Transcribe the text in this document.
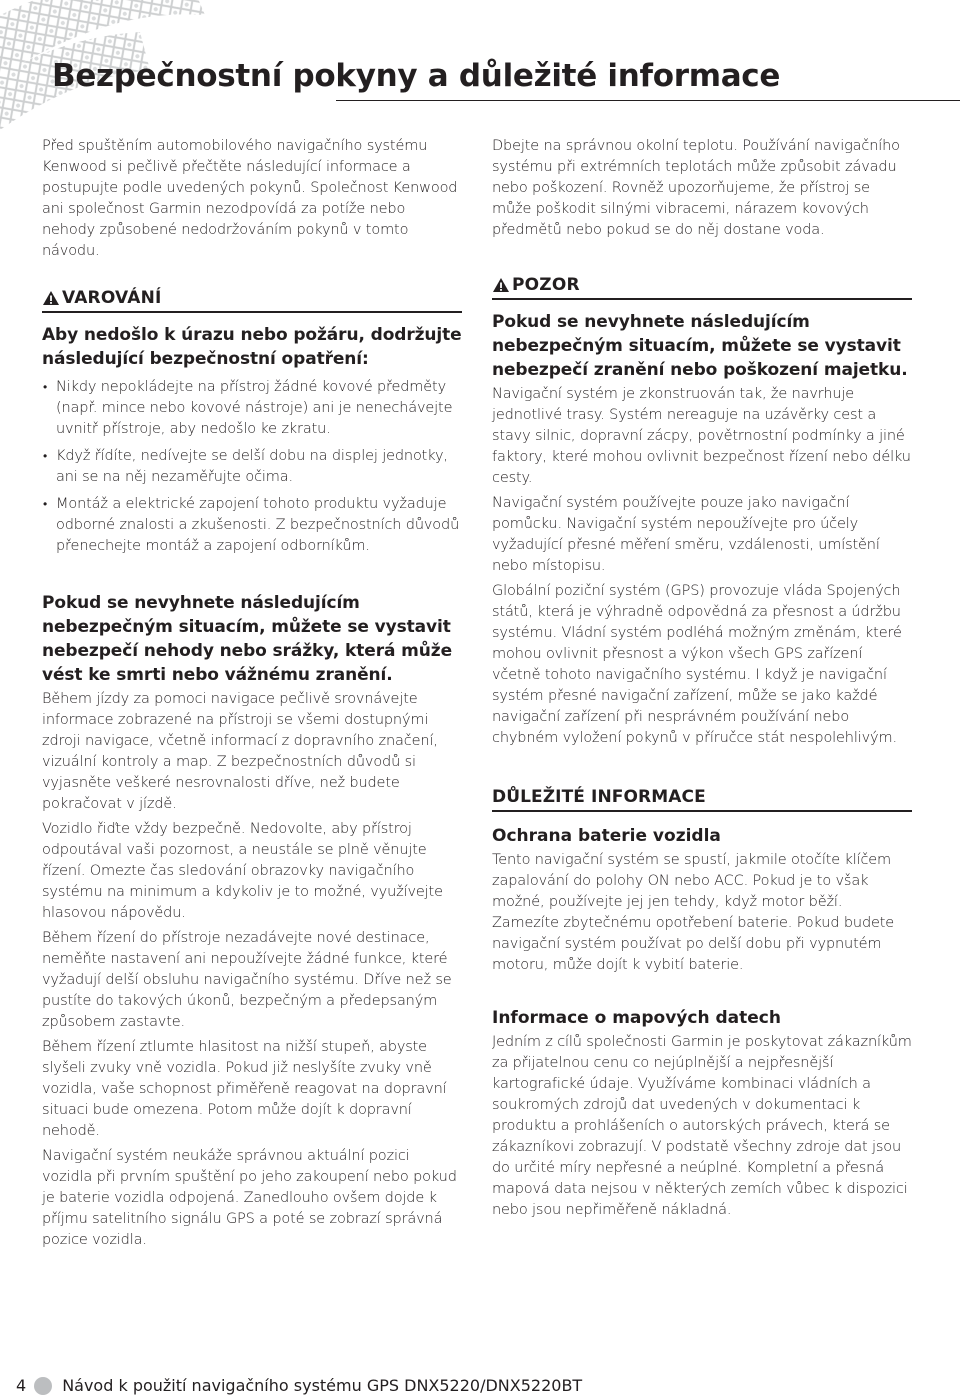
Bezpečnostní pokyny a důležité informace

Před spuštěním automobilového navigačního systému Kenwood si pečlivě přečtěte následující informace a postupujte podle uvedených pokynů. Společnost Kenwood ani společnost Garmin nezodpovídá za potíže nebo nehody způsobené nedodržováním pokynů v tomto návodu.

VAROVÁNÍ
Aby nedošlo k úrazu nebo požáru, dodržujte následující bezpečnostní opatření:
• Nikdy nepokládejte na přístroj žádné kovové předměty (např. mince nebo kovové nástroje) ani je nenechávejte uvnitř přístroje, aby nedošlo ke zkratu.
• Když řídíte, nedívejte se delší dobu na displej jednotky, ani se na něj nezaměřujte očima.
• Montáž a elektrické zapojení tohoto produktu vyžaduje odborné znalosti a zkušenosti. Z bezpečnostních důvodů přenechejte montáž a zapojení odborníkům.
Pokud se nevyhnete následujícím nebezpečným situacím, můžete se vystavit nebezpečí nehody nebo srážky, která může vést ke smrti nebo vážnému zranění.

Během jízdy za pomoci navigace pečlivě srovnávejte informace zobrazené na přístroji se všemi dostupnými zdroji navigace, včetně informací z dopravního značení, vizuální kontroly a map. Z bezpečnostních důvodů si vyjasněte veškeré nesrovnalosti dříve, než budete pokračovat v jízdě.

Vozidlo řiďte vždy bezpečně. Nedovolte, aby přístroj odpoutával vaši pozornost, a neustále se plně věnujte řízení. Omezte čas sledování obrazovky navigačního systému na minimum a kdykoliv je to možné, využívejte hlasovou nápovědu.

Během řízení do přístroje nezadávejte nové destinace, neměňte nastavení ani nepoužívejte žádné funkce, které vyžadují delší obsluhu navigačního systému. Dříve než se pustíte do takových úkonů, bezpečným a předepsaným způsobem zastavte.

Během řízení ztlumte hlasitost na nižší stupeň, abyste slyšeli zvuky vně vozidla. Pokud již neslyšíte zvuky vně vozidla, vaše schopnost přiměřeně reagovat na dopravní situaci bude omezena. Potom může dojít k dopravní nehodě.

Navigační systém neukáže správnou aktuální pozici vozidla při prvním spuštění po jeho zakoupení nebo pokud je baterie vozidla odpojená. Zanedlouho ovšem dojde k příjmu satelitního signálu GPS a poté se zobrazí správná pozice vozidla.

Dbejte na správnou okolní teplotu. Používání navigačního systému při extrémních teplotách může způsobit závadu nebo poškození. Rovněž upozorňujeme, že přístroj se může poškodit silnými vibracemi, nárazem kovových předmětů nebo pokud se do něj dostane voda.

POZOR
Pokud se nevyhnete následujícím nebezpečným situacím, můžete se vystavit nebezpečí zranění nebo poškození majetku.

Navigační systém je zkonstruován tak, že navrhuje jednotlivé trasy. Systém nereaguje na uzávěrky cest a stavy silnic, dopravní zácpy, povětrnostní podmínky a jiné faktory, které mohou ovlivnit bezpečnost řízení nebo délku cesty.

Navigační systém používejte pouze jako navigační pomůcku. Navigační systém nepoužívejte pro účely vyžadující přesné měření směru, vzdálenosti, umístění nebo místopisu.

Globální poziční systém (GPS) provozuje vláda Spojených států, která je výhradně odpovědná za přesnost a údržbu systému. Vládní systém podléhá možným změnám, které mohou ovlivnit přesnost a výkon všech GPS zařízení včetně tohoto navigačního systému. I když je navigační systém přesné navigační zařízení, může se jako každé navigační zařízení při nesprávném používání nebo chybném vyložení pokynů v příručce stát nespolehlivým.

DŮLEŽITÉ INFORMACE
Ochrana baterie vozidla

Tento navigační systém se spustí, jakmile otočíte klíčem zapalování do polohy ON nebo ACC. Pokud je to však možné, používejte jej jen tehdy, když motor běží. Zamezíte zbytečnému opotřebení baterie. Pokud budete navigační systém používat po delší dobu při vypnutém motoru, může dojít k vybití baterie.

Informace o mapových datech

Jedním z cílů společnosti Garmin je poskytovat zákazníkům za přijatelnou cenu co nejúplnější a nejpřesnější kartografické údaje. Využíváme kombinaci vládních a soukromých zdrojů dat uvedených v dokumentaci k produktu a prohlášeních o autorských právech, která se zákazníkovi zobrazují. V podstatě všechny zdroje dat jsou do určité míry nepřesné a neúplné. Kompletní a přesná mapová data nejsou v některých zemích vůbec k dispozici nebo jsou nepřiměřeně nákladná.

4 Návod k použití navigačního systému GPS DNX5220/DNX5220BT
